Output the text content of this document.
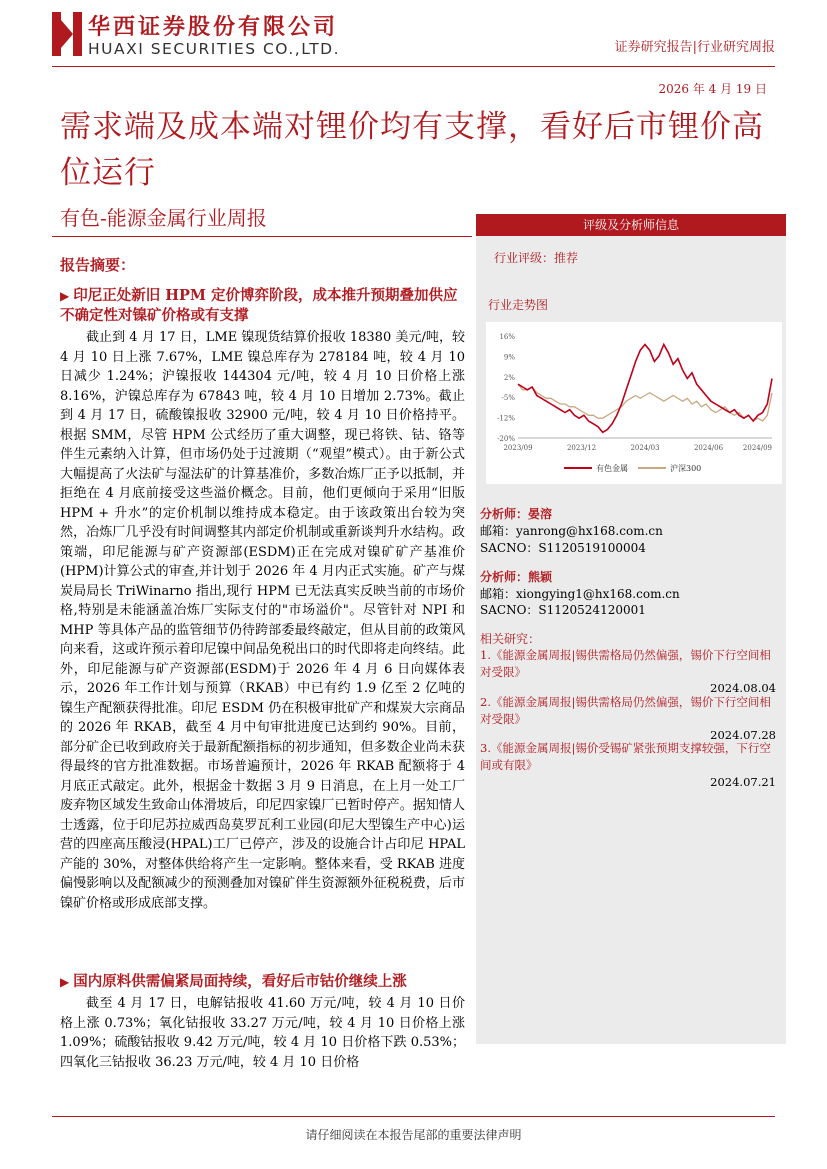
华西证券股份有限公司
HUAXI SECURITIES CO.,LTD.	证券研究报告|行业研究周报
2026 年 4 月 19 日
需求端及成本端对锂价均有支撑，看好后市锂价高位运行
有色-能源金属行业周报
报告摘要：
▶ 印尼正处新旧 HPM 定价博弈阶段，成本推升预期叠加供应不确定性对镍矿价格或有支撑
截止到 4 月 17 日，LME 镍现货结算价报收 18380 美元/吨，较 4 月 10 日上涨 7.67%，LME 镍总库存为 278184 吨，较 4 月 10 日减少 1.24%；沪镍报收 144304 元/吨，较 4 月 10 日价格上涨 8.16%，沪镍总库存为 67843 吨，较 4 月 10 日增加 2.73%。截止到 4 月 17 日，硫酸镍报收 32900 元/吨，较 4 月 10 日价格持平。根据 SMM，尽管 HPM 公式经历了重大调整，现已将铁、钴、铬等伴生元素纳入计算，但市场仍处于过渡期（“观望”模式）。由于新公式大幅提高了火法矿与湿法矿的计算基准价，多数冶炼厂正予以抵制，并拒绝在 4 月底前接受这些溢价概念。目前，他们更倾向于采用“旧版 HPM + 升水”的定价机制以维持成本稳定。由于该政策出台较为突然，冶炼厂几乎没有时间调整其内部定价机制或重新谈判升水结构。政策端，印尼能源与矿产资源部(ESDM)正在完成对镍矿矿产基准价(HPM)计算公式的审查,并计划于 2026 年 4 月内正式实施。矿产与煤炭局局长 TriWinarno 指出,现行 HPM 已无法真实反映当前的市场价格,特别是未能涵盖冶炼厂实际支付的"市场溢价"。尽管针对 NPI 和 MHP 等具体产品的监管细节仍待跨部委最终敲定，但从目前的政策风向来看，这或许预示着印尼镍中间品免税出口的时代即将走向终结。此外，印尼能源与矿产资源部(ESDM)于 2026 年 4 月 6 日向媒体表示，2026 年工作计划与预算（RKAB）中已有约 1.9 亿至 2 亿吨的镍生产配额获得批准。印尼 ESDM 仍在积极审批矿产和煤炭大宗商品的 2026 年 RKAB，截至 4 月中旬审批进度已达到约 90%。目前，部分矿企已收到政府关于最新配额指标的初步通知，但多数企业尚未获得最终的官方批准数据。市场普遍预计，2026 年 RKAB 配额将于 4 月底正式敲定。此外，根据金十数据 3 月 9 日消息，在上月一处工厂废弃物区域发生致命山体滑坡后，印尼四家镍厂已暂时停产。据知情人士透露，位于印尼苏拉威西岛莫罗瓦利工业园(印尼大型镍生产中心)运营的四座高压酸浸(HPAL)工厂已停产，涉及的设施合计占印尼 HPAL 产能的 30%，对整体供给将产生一定影响。整体来看，受 RKAB 进度偏慢影响以及配额减少的预测叠加对镍矿伴生资源额外征税税费，后市镍矿价格或形成底部支撑。
▶ 国内原料供需偏紧局面持续，看好后市钴价继续上涨
截至 4 月 17 日，电解钴报收 41.60 万元/吨，较 4 月 10 日价格上涨 0.73%；氧化钴报收 33.27 万元/吨，较 4 月 10 日价格上涨 1.09%；硫酸钴报收 9.42 万元/吨，较 4 月 10 日价格下跌 0.53%；四氧化三钴报收 36.23 万元/吨，较 4 月 10 日价格
评级及分析师信息
行业评级：推荐
行业走势图
16%
9%
2%
-5%
-12%
-20%
2023/09	2023/12	2024/03	2024/06	2024/09
有色金属	沪深300
分析师：晏溶
邮箱：yanrong@hx168.com.cn
SACNO：S1120519100004
分析师：熊颖
邮箱：xiongying1@hx168.com.cn
SACNO：S1120524120001
相关研究：
1.《能源金属周报|锡供需格局仍然偏强，锡价下行空间相对受限》
2024.08.04
2.《能源金属周报|锡供需格局仍然偏强，锡价下行空间相对受限》
2024.07.28
3.《能源金属周报|锡价受锡矿紧张预期支撑较强，下行空间或有限》
2024.07.21
请仔细阅读在本报告尾部的重要法律声明
